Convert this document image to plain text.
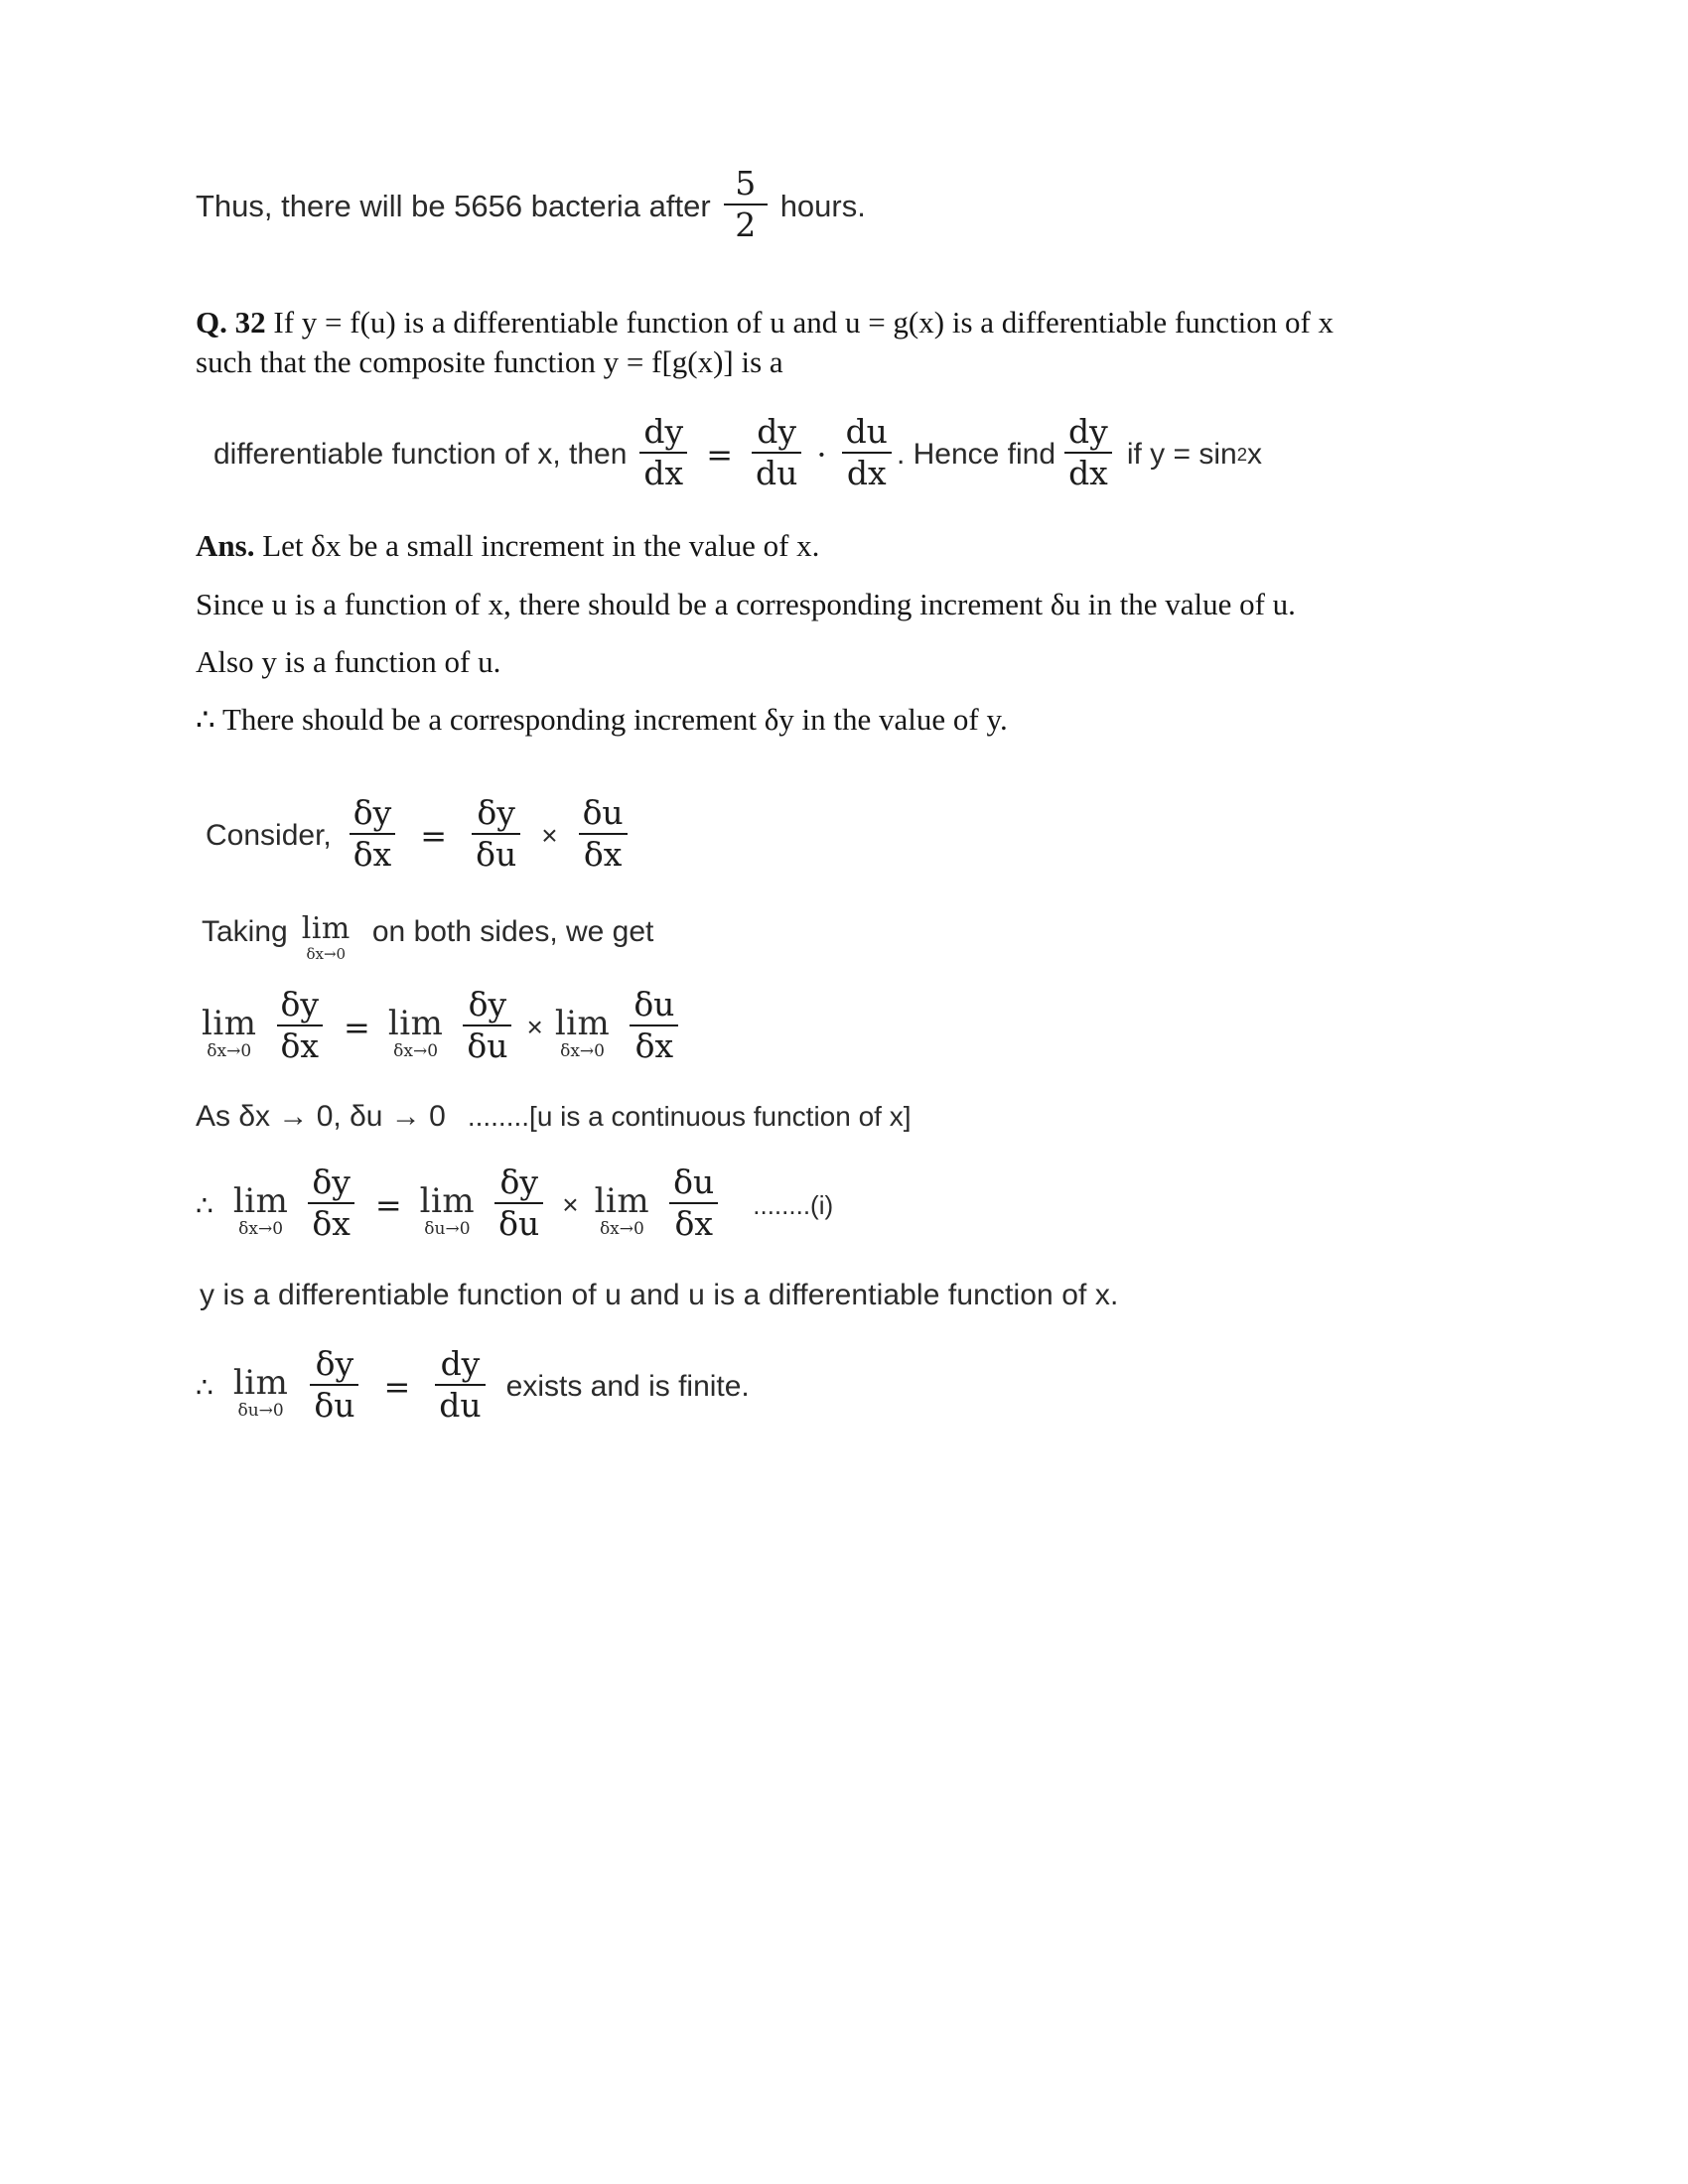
Thus, there will be 5656 bacteria after $\frac{5}{2}$ hours.
Q. 32 If y = f(u) is a differentiable function of u and u = g(x) is a differentiable function of x
such that the composite function y = f[g(x)] is a
differentiable function of x, then $\frac{dy}{dx} = \frac{dy}{du} \cdot \frac{du}{dx}$ . Hence find $\frac{dy}{dx}$ if y = sin 2 x
Ans. Let δx be a small increment in the value of x.
Since u is a function of x, there should be a corresponding increment δu in the value of u.
Also y is a function of u.
∴ There should be a corresponding increment δy in the value of y.
Consider, $\frac{\delta y}{\delta x} = \frac{\delta y}{\delta u} \times \frac{\delta u}{\delta x}$
Taking lim
δx→0
on both sides, we get
lim
$\delta x\to 0 \frac{\delta y}{\delta x} = \lim$
$\delta x\to 0 \frac{\delta y}{\delta u} \times \lim$
$\delta x\to 0 \frac{\delta u}{\delta x}$
As δx → 0, δu → 0 ........[u is a continuous function of x]
∴ lim
$\delta x\to 0 \frac{\delta y}{\delta x} = \lim$
$\delta u\to 0 \frac{\delta y}{\delta u} \times \lim$
$\delta x\to 0 \frac{\delta u}{\delta x} ........(i)$
y is a differentiable function of u and u is a differentiable function of x.
∴ lim
$\delta u\to 0 \frac{\delta y}{\delta u} = \frac{dy}{du}$ exists and is finite.
